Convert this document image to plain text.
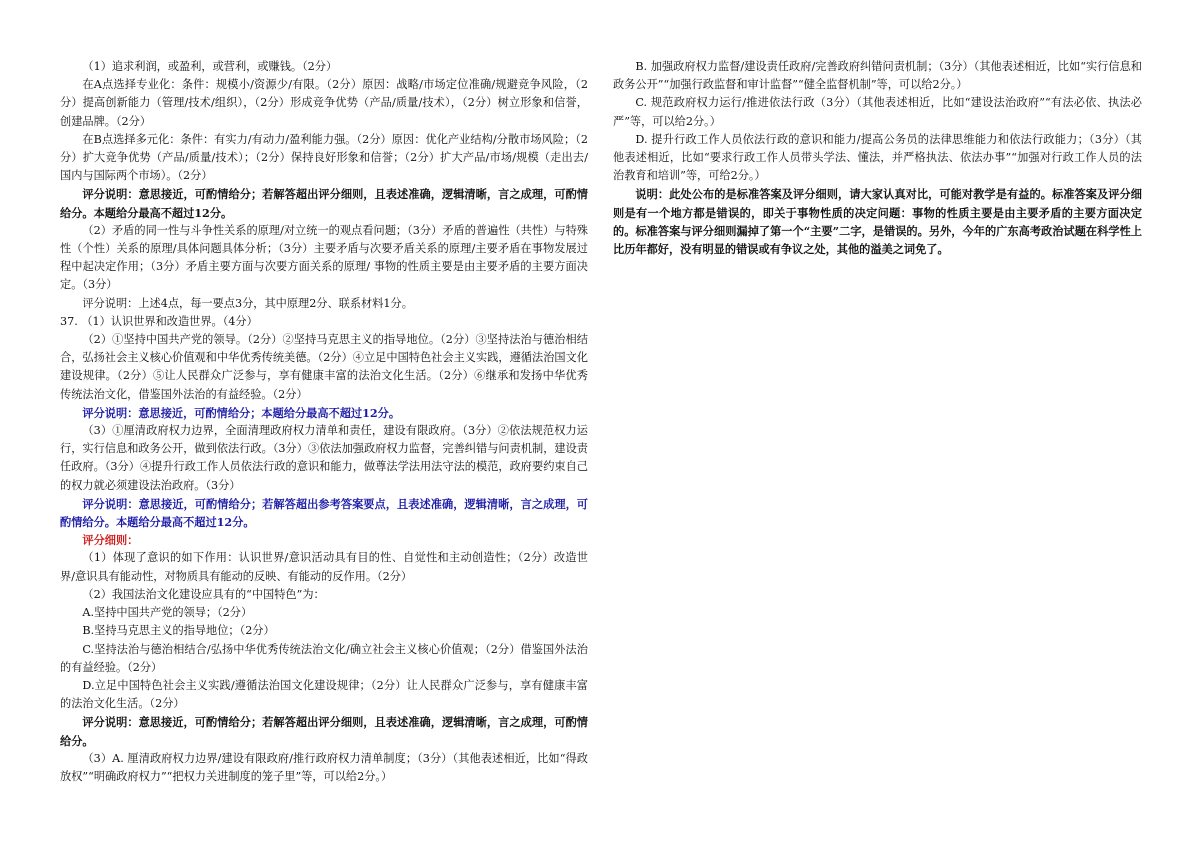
（1）追求利润，或盈利，或营利，或赚钱。（2分）

在A点选择专业化：条件：规模小/资源少/有限。（2分）原因：战略/市场定位准确/规避竞争风险，（2分）提高创新能力（管理/技术/组织），（2分）形成竞争优势（产品/质量/技术），（2分）树立形象和信誉，创建品牌。（2分）

在B点选择多元化：条件：有实力/有动力/盈利能力强。（2分）原因：优化产业结构/分散市场风险；（2分）扩大竞争优势（产品/质量/技术）；（2分）保持良好形象和信誉；（2分）扩大产品/市场/规模（走出去/国内与国际两个市场）。（2分）

评分说明：意思接近，可酌情给分；若解答超出评分细则，且表述准确，逻辑清晰，言之成理，可酌情给分。本题给分最高不超过12分。

（2）矛盾的同一性与斗争性关系的原理/对立统一的观点看问题；（3分）矛盾的普遍性（共性）与特殊性（个性）关系的原理/具体问题具体分析；（3分）主要矛盾与次要矛盾关系的原理/主要矛盾在事物发展过程中起决定作用；（3分）矛盾主要方面与次要方面关系的原理/ 事物的性质主要是由主要矛盾的主要方面决定。（3分）

评分说明：上述4点，每一要点3分，其中原理2分、联系材料1分。

37. （1）认识世界和改造世界。（4分）

（2）①坚持中国共产党的领导。（2分）②坚持马克思主义的指导地位。（2分）③坚持法治与德治相结合，弘扬社会主义核心价值观和中华优秀传统美德。（2分）④立足中国特色社会主义实践，遵循法治国文化建设规律。（2分）⑤让人民群众广泛参与，享有健康丰富的法治文化生活。（2分）⑥继承和发扬中华优秀传统法治文化，借鉴国外法治的有益经验。（2分）

评分说明：意思接近，可酌情给分；本题给分最高不超过12分。

（3）①厘清政府权力边界，全面清理政府权力清单和责任，建设有限政府。（3分）②依法规范权力运行，实行信息和政务公开，做到依法行政。（3分）③依法加强政府权力监督，完善纠错与问责机制，建设责任政府。（3分）④提升行政工作人员依法行政的意识和能力，做尊法学法用法守法的模范，政府要约束自己的权力就必须建设法治政府。（3分）

评分说明：意思接近，可酌情给分；若解答超出参考答案要点，且表述准确，逻辑清晰，言之成理，可酌情给分。本题给分最高不超过12分。

评分细则：

（1）体现了意识的如下作用：认识世界/意识活动具有目的性、自觉性和主动创造性；（2分）改造世界/意识具有能动性，对物质具有能动的反映、有能动的反作用。（2分）

（2）我国法治文化建设应具有的“中国特色”为：

A.坚持中国共产党的领导；（2分）

B.坚持马克思主义的指导地位；（2分）

C.坚持法治与德治相结合/弘扬中华优秀传统法治文化/确立社会主义核心价值观；（2分）借鉴国外法治的有益经验。（2分）

D.立足中国特色社会主义实践/遵循法治国文化建设规律；（2分）让人民群众广泛参与，享有健康丰富的法治文化生活。（2分）

评分说明：意思接近，可酌情给分；若解答超出评分细则，且表述准确，逻辑清晰，言之成理，可酌情给分。

（3）A. 厘清政府权力边界/建设有限政府/推行政府权力清单制度；（3分）（其他表述相近，比如“得政放权”“明确政府权力”“把权力关进制度的笼子里”等，可以给2分。）

B. 加强政府权力监督/建设责任政府/完善政府纠错问责机制；（3分）（其他表述相近，比如“实行信息和政务公开”“加强行政监督和审计监督”“健全监督机制”等，可以给2分。）

C. 规范政府权力运行/推进依法行政（3分）（其他表述相近，比如“建设法治政府”“有法必依、执法必严”等，可以给2分。）

D. 提升行政工作人员依法行政的意识和能力/提高公务员的法律思维能力和依法行政能力；（3分）（其他表述相近，比如“要求行政工作人员带头学法、懂法，并严格执法、依法办事”“加强对行政工作人员的法治教育和培训”等，可给2分。）

说明：此处公布的是标准答案及评分细则，请大家认真对比，可能对教学是有益的。标准答案及评分细则是有一个地方都是错误的，即关于事物性质的决定问题：事物的性质主要是由主要矛盾的主要方面决定的。标准答案与评分细则漏掉了第一个“主要”二字，是错误的。另外，今年的广东高考政治试题在科学性上比历年都好，没有明显的错误或有争议之处，其他的溢美之词免了。
